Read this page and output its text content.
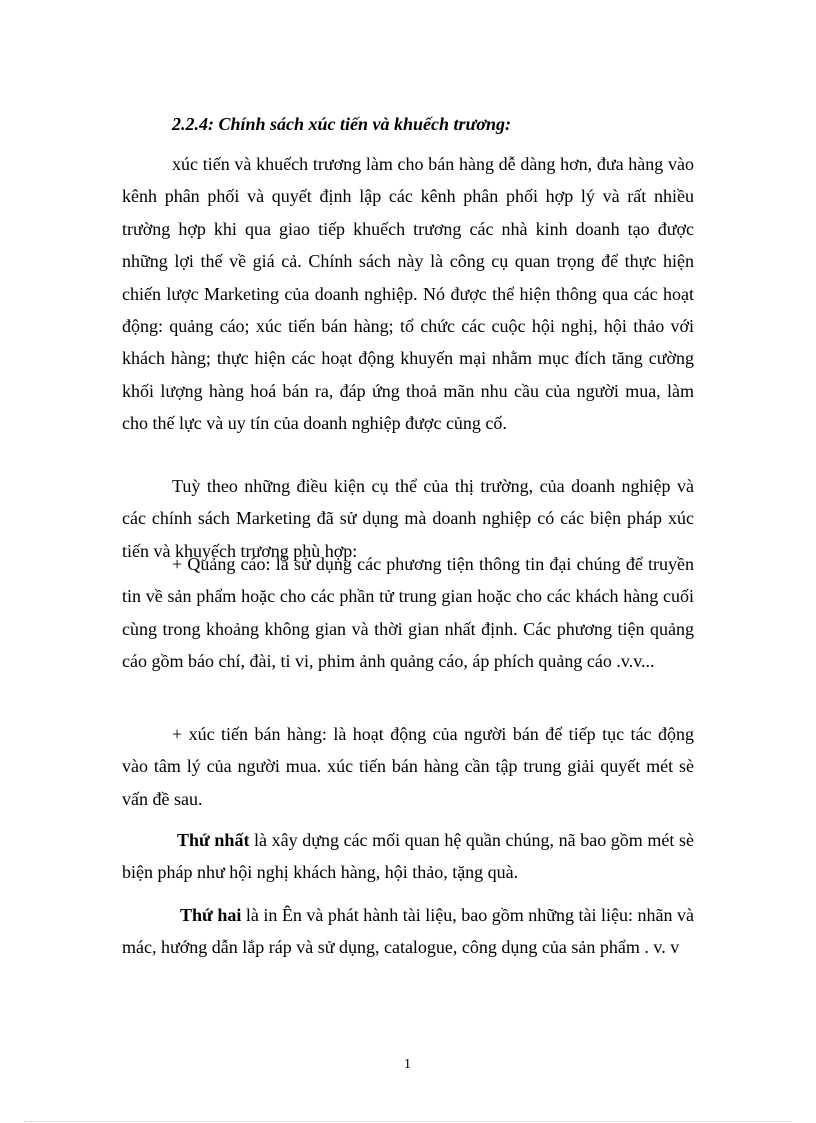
2.2.4: Chính sách xúc tiến và khuếch trương:

xúc tiến và khuếch trương làm cho bán hàng dễ dàng hơn, đưa hàng vào kênh phân phối và quyết định lập các kênh phân phối hợp lý và rất nhiều trường hợp khi qua giao tiếp khuếch trương các nhà kinh doanh tạo được những lợi thế về giá cả. Chính sách này là công cụ quan trọng để thực hiện chiến lược Marketing của doanh nghiệp. Nó được thể hiện thông qua các hoạt động: quảng cáo; xúc tiến bán hàng; tổ chức các cuộc hội nghị, hội thảo với khách hàng; thực hiện các hoạt động khuyến mại nhằm mục đích tăng cường khối lượng hàng hoá bán ra, đáp ứng thoả mãn nhu cầu của người mua, làm cho thế lực và uy tín của doanh nghiệp được củng cố.

Tuỳ theo những điều kiện cụ thể của thị trường, của doanh nghiệp và các chính sách Marketing đã sử dụng mà doanh nghiệp có các biện pháp xúc tiến và khuyếch trương phù hợp:

+ Quảng cáo: là sử dụng các phương tiện thông tin đại chúng để truyền tin về sản phẩm hoặc cho các phần tử trung gian hoặc cho các khách hàng cuối cùng trong khoảng không gian và thời gian nhất định. Các phương tiện quảng cáo gồm báo chí, đài, ti vi, phim ảnh quảng cáo, áp phích quảng cáo .v.v...

+ xúc tiến bán hàng: là hoạt động của người bán để tiếp tục tác động vào tâm lý của người mua. xúc tiến bán hàng cần tập trung giải quyết mét sè vấn đề sau.

Thứ nhất là xây dựng các mối quan hệ quần chúng, nã bao gồm mét sè biện pháp như hội nghị khách hàng, hội thảo, tặng quà.

Thứ hai là in Ên và phát hành tài liệu, bao gồm những tài liệu: nhãn và mác, hướng dẫn lắp ráp và sử dụng, catalogue, công dụng của sản phẩm . v. v

1
